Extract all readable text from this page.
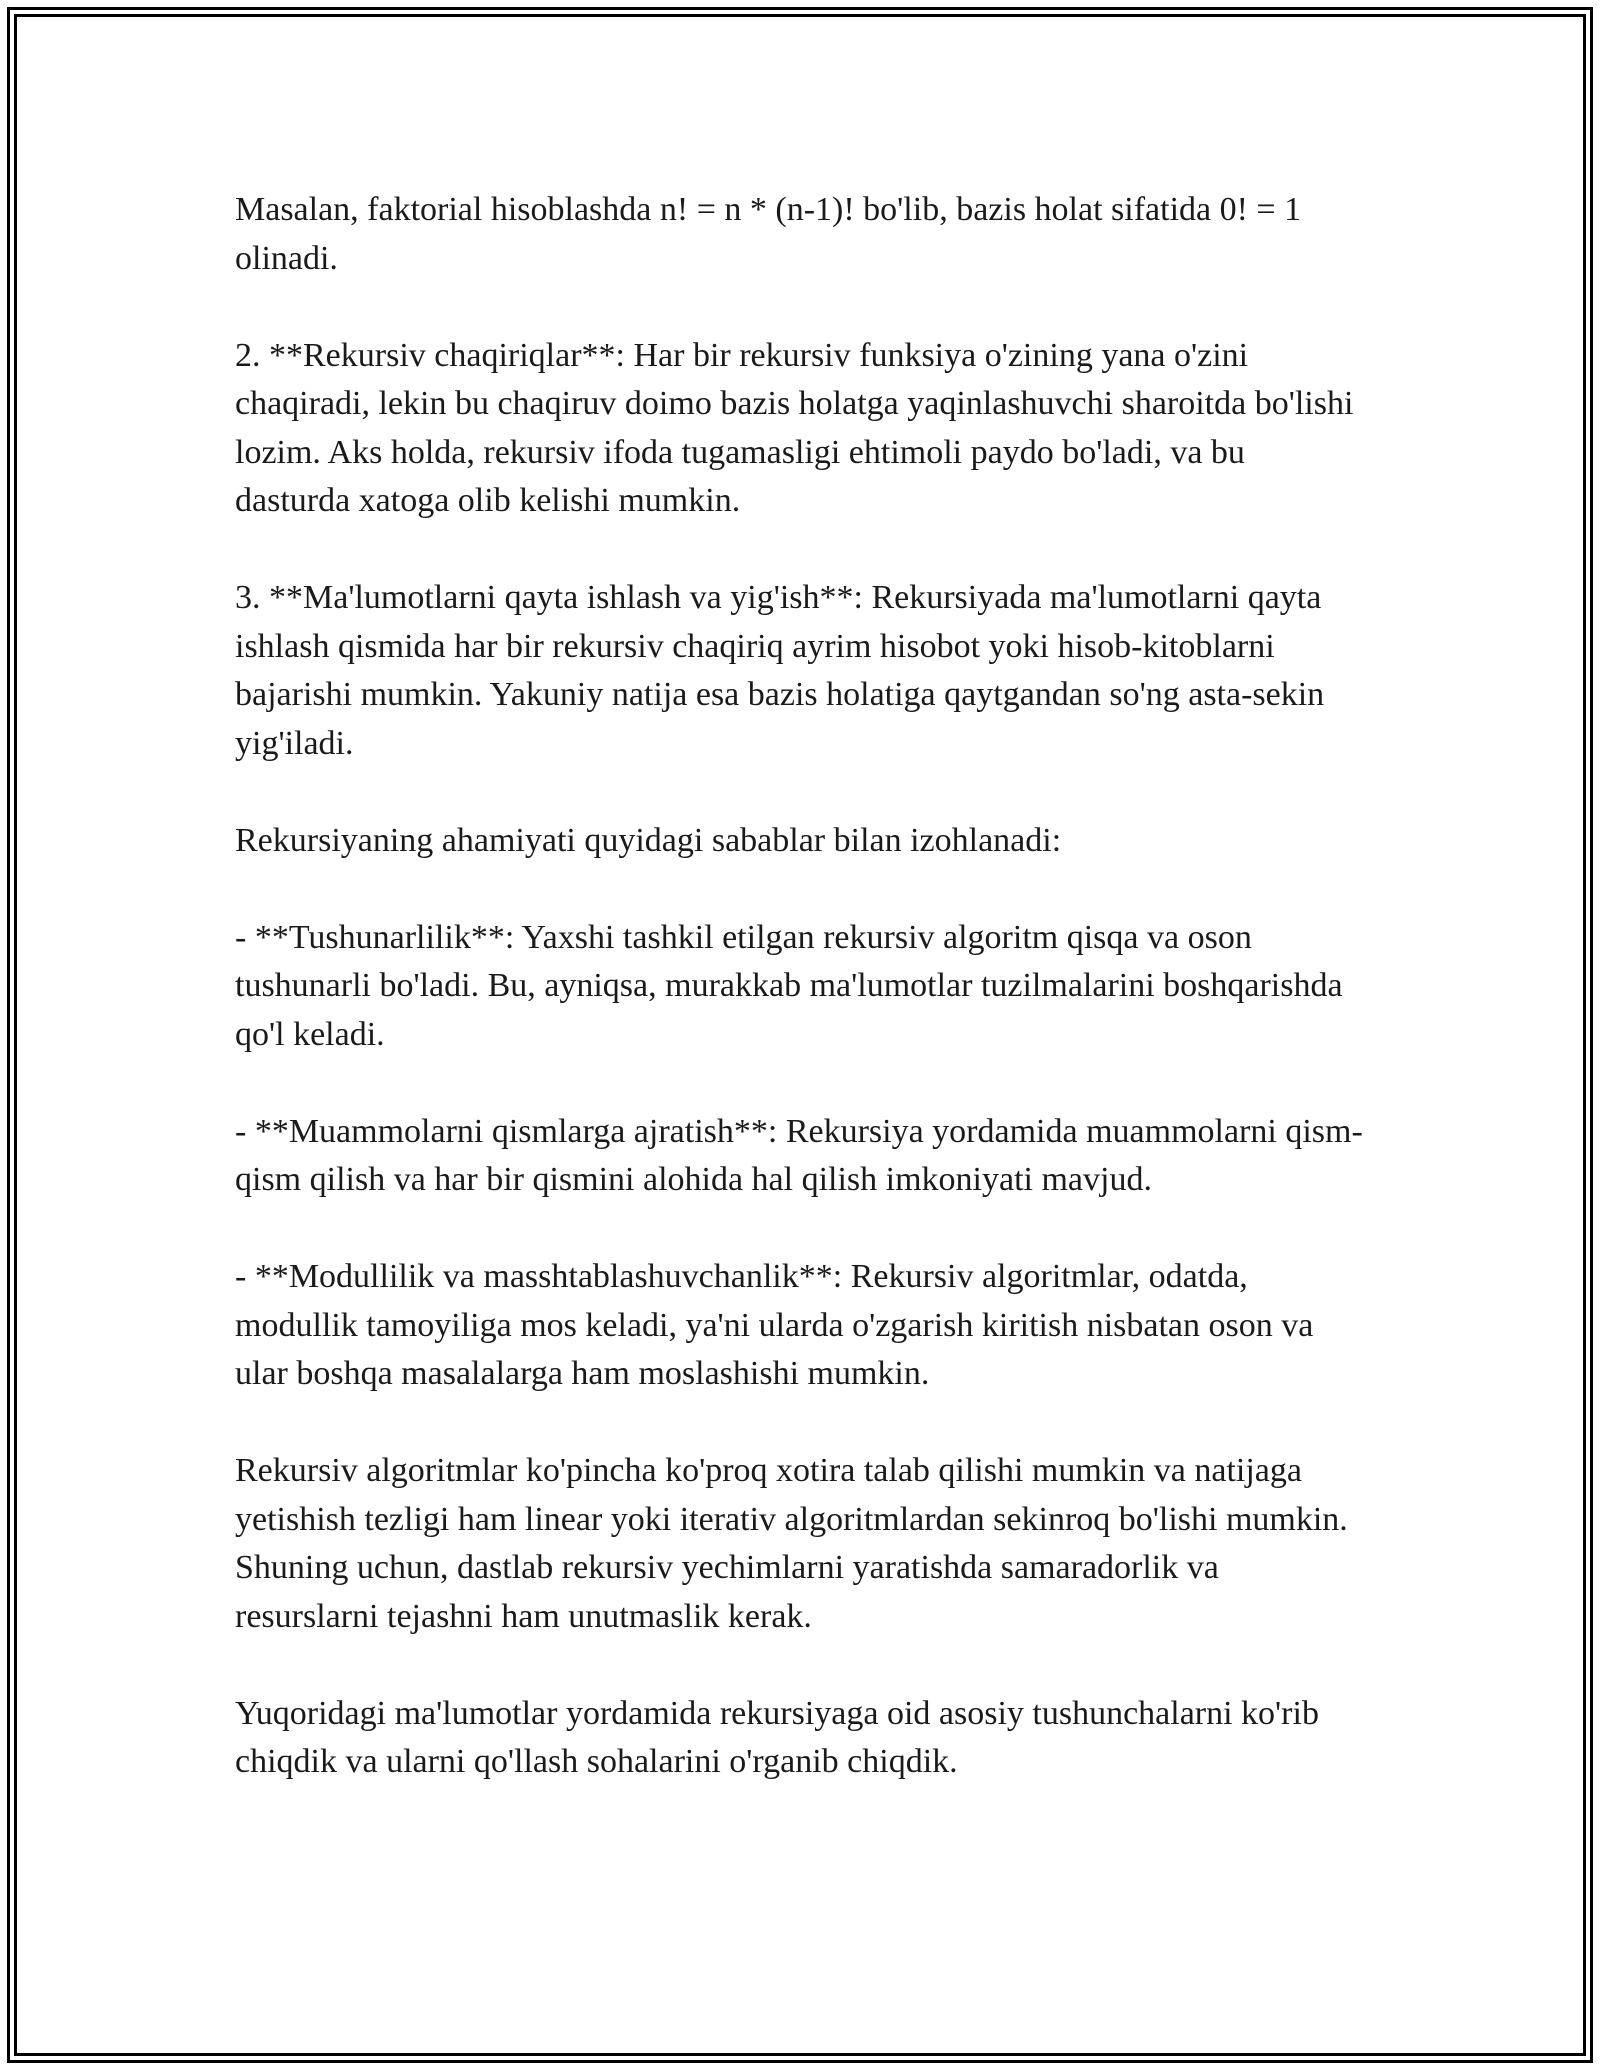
Masalan, faktorial hisoblashda n! = n * (n-1)! bo'lib, bazis holat sifatida 0! = 1 olinadi.

2. **Rekursiv chaqiriqlar**: Har bir rekursiv funksiya o'zining yana o'zini chaqiradi, lekin bu chaqiruv doimo bazis holatga yaqinlashuvchi sharoitda bo'lishi lozim. Aks holda, rekursiv ifoda tugamasligi ehtimoli paydo bo'ladi, va bu dasturda xatoga olib kelishi mumkin.

3. **Ma'lumotlarni qayta ishlash va yig'ish**: Rekursiyada ma'lumotlarni qayta ishlash qismida har bir rekursiv chaqiriq ayrim hisobot yoki hisob-kitoblarni bajarishi mumkin. Yakuniy natija esa bazis holatiga qaytgandan so'ng asta-sekin yig'iladi.

Rekursiyaning ahamiyati quyidagi sabablar bilan izohlanadi:

- **Tushunarlilik**: Yaxshi tashkil etilgan rekursiv algoritm qisqa va oson tushunarli bo'ladi. Bu, ayniqsa, murakkab ma'lumotlar tuzilmalarini boshqarishda qo'l keladi.

- **Muammolarni qismlarga ajratish**: Rekursiya yordamida muammolarni qism-qism qilish va har bir qismini alohida hal qilish imkoniyati mavjud.

- **Modullilik va masshtablashuvchanlik**: Rekursiv algoritmlar, odatda, modullik tamoyiliga mos keladi, ya'ni ularda o'zgarish kiritish nisbatan oson va ular boshqa masalalarga ham moslashishi mumkin.

Rekursiv algoritmlar ko'pincha ko'proq xotira talab qilishi mumkin va natijaga yetishish tezligi ham linear yoki iterativ algoritmlardan sekinroq bo'lishi mumkin. Shuning uchun, dastlab rekursiv yechimlarni yaratishda samaradorlik va resurslarni tejashni ham unutmaslik kerak.

Yuqoridagi ma'lumotlar yordamida rekursiyaga oid asosiy tushunchalarni ko'rib chiqdik va ularni qo'llash sohalarini o'rganib chiqdik.
